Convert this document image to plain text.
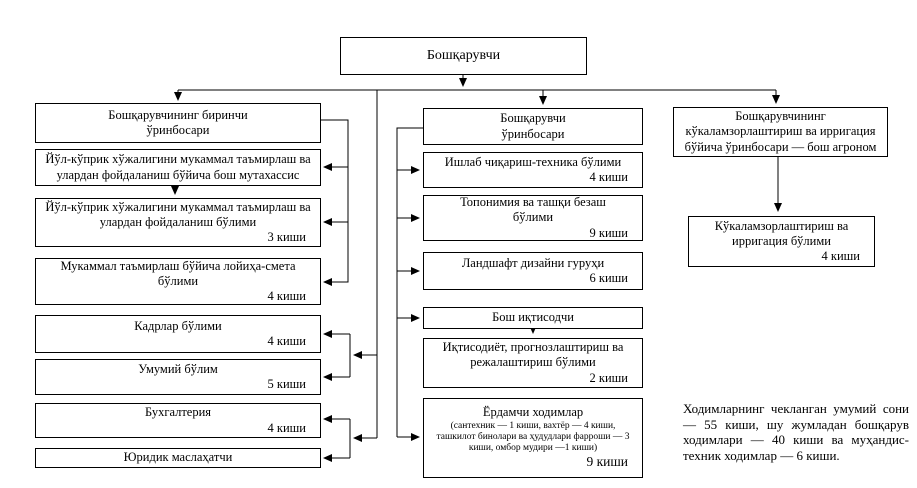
Бошқарувчи
Бошқарувчининг биринчи ўринбосари
Йўл-кўприк хўжалигини мукаммал таъмирлаш ва улардан фойдаланиш бўйича бош мутахассис
Йўл-кўприк хўжалигини мукаммал таъмирлаш ва улардан фойдаланиш бўлими
3 киши
Мукаммал таъмирлаш бўйича лойиҳа-смета бўлими
4 киши
Кадрлар бўлими
4 киши
Умумий бўлим
5 киши
Бухгалтерия
4 киши
Юридик маслаҳатчи
Бошқарувчи ўринбосари
Ишлаб чиқариш-техника бўлими
4 киши
Топонимия ва ташқи безаш бўлими
9 киши
Ландшафт дизайни гуруҳи
6 киши
Бош иқтисодчи
Иқтисодиёт, прогнозлаштириш ва режалаштириш бўлими
2 киши
Ёрдамчи ходимлар
(сантехник — 1 киши, вахтёр — 4 киши, ташкилот бинолари ва ҳудудлари фарроши — 3 киши, омбор мудири —1 киши)
9 киши
Бошқарувчининг кўкаламзорлаштириш ва ирригация бўйича ўринбосари — бош агроном
Кўкаламзорлаштириш ва ирригация бўлими
4 киши
Ходимларнинг чекланган умумий сони — 55 киши, шу жумладан бошқарув ходимлари — 40 киши ва муҳандис-техник ходимлар — 6 киши.
